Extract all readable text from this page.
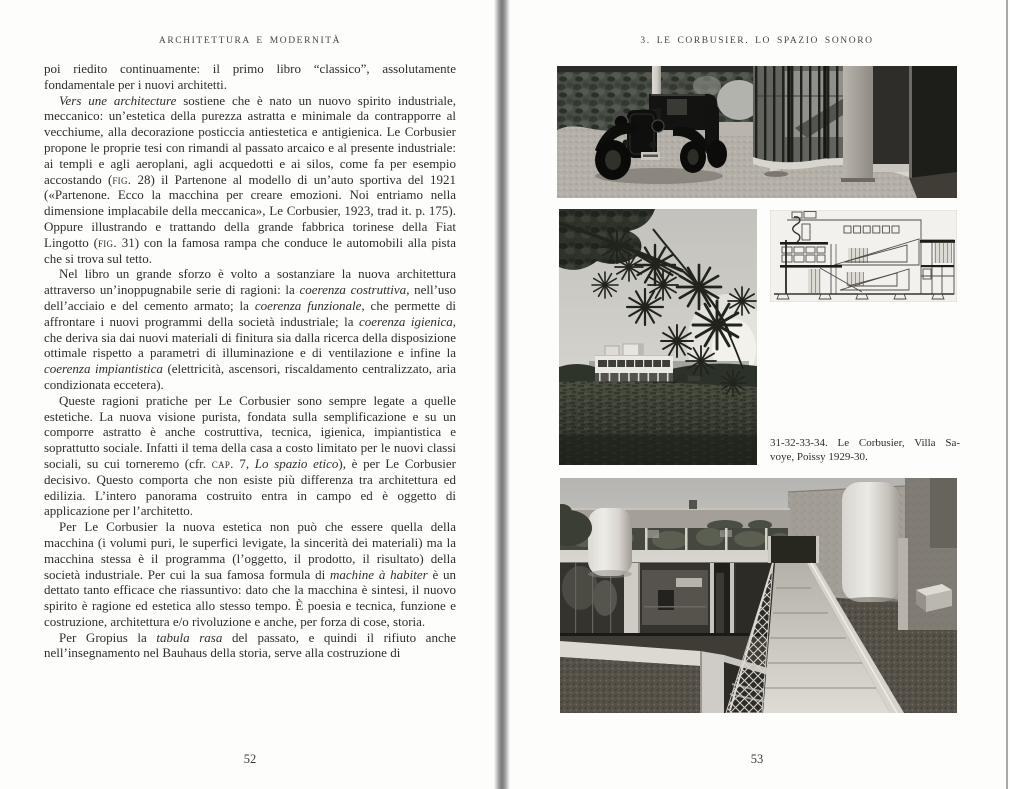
ARCHITETTURA E MODERNITÀ

poi riedito continuamente: il primo libro “classico”, assolutamente fondamentale per i nuovi architetti.

Vers une architecture sostiene che è nato un nuovo spirito industriale, meccanico: un’estetica della purezza astratta e minimale da contrapporre al vecchiume, alla decorazione posticcia antiestetica e antigienica. Le Corbusier propone le proprie tesi con rimandi al passato arcaico e al presente industriale: ai templi e agli aeroplani, agli acquedotti e ai silos, come fa per esempio accostando (fig. 28) il Partenone al modello di un’auto sportiva del 1921 («Partenone. Ecco la macchina per creare emozioni. Noi entriamo nella dimensione implacabile della meccanica», Le Corbusier, 1923, trad it. p. 175). Oppure illustrando e trattando della grande fabbrica torinese della Fiat Lingotto (fig. 31) con la famosa rampa che conduce le automobili alla pista che si trova sul tetto.

Nel libro un grande sforzo è volto a sostanziare la nuova architettura attraverso un’inoppugnabile serie di ragioni: la coerenza costruttiva, nell’uso dell’acciaio e del cemento armato; la coerenza funzionale, che permette di affrontare i nuovi programmi della società industriale; la coerenza igienica, che deriva sia dai nuovi materiali di finitura sia dalla ricerca della disposizione ottimale rispetto a parametri di illuminazione e di ventilazione e infine la coerenza impiantistica (elettricità, ascensori, riscaldamento centralizzato, aria condizionata eccetera).

Queste ragioni pratiche per Le Corbusier sono sempre legate a quelle estetiche. La nuova visione purista, fondata sulla semplificazione e su un comporre astratto è anche costruttiva, tecnica, igienica, impiantistica e soprattutto sociale. Infatti il tema della casa a costo limitato per le nuovi classi sociali, su cui torneremo (cfr. cap. 7, Lo spazio etico), è per Le Corbusier decisivo. Questo comporta che non esiste più differenza tra architettura ed edilizia. L’intero panorama costruito entra in campo ed è oggetto di applicazione per l’architetto.

Per Le Corbusier la nuova estetica non può che essere quella della macchina (i volumi puri, le superfici levigate, la sincerità dei materiali) ma la macchina stessa è il programma (l’oggetto, il prodotto, il risultato) della società industriale. Per cui la sua famosa formula di machine à habiter è un dettato tanto efficace che riassuntivo: dato che la macchina è sintesi, il nuovo spirito è ragione ed estetica allo stesso tempo. È poesia e tecnica, funzione e costruzione, architettura e/o rivoluzione e anche, per forza di cose, storia.

Per Gropius la tabula rasa del passato, e quindi il rifiuto anche nell’insegnamento nel Bauhaus della storia, serve alla costruzione di

52
3. LE CORBUSIER. LO SPAZIO SONORO
31-32-33-34. Le Corbusier, Villa Sa-
voye, Poissy 1929-30.
53
